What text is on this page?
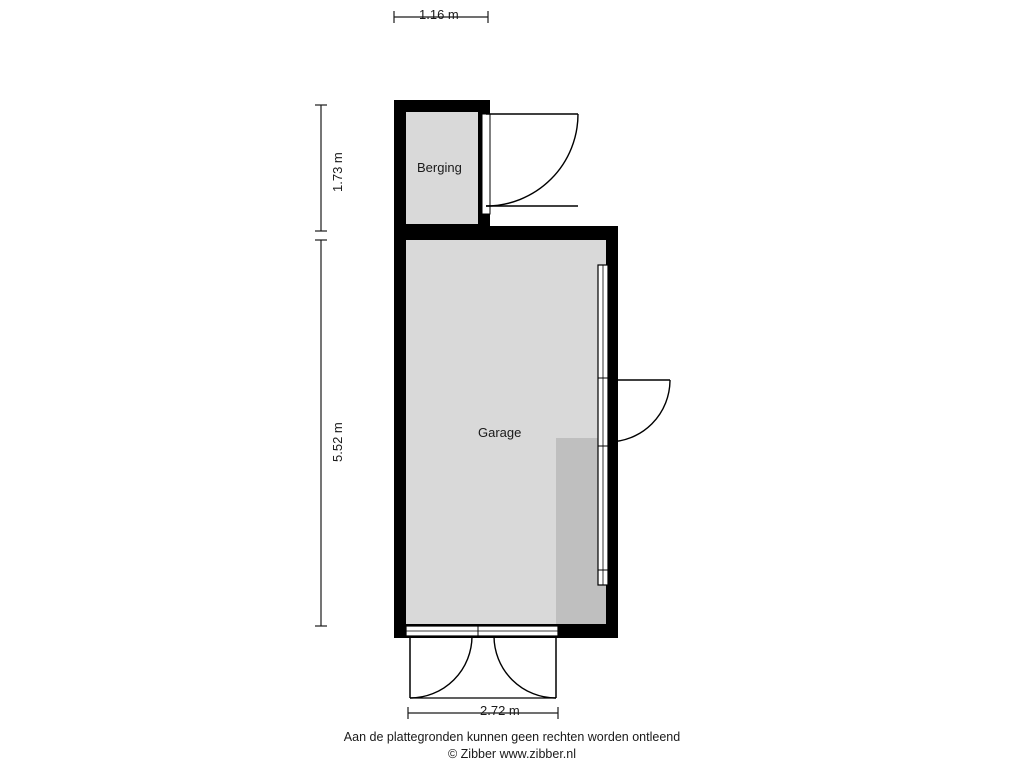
Berging
Garage
1.16 m
2.72 m
1.73 m
5.52 m
Aan de plattegronden kunnen geen rechten worden ontleend
© Zibber www.zibber.nl
